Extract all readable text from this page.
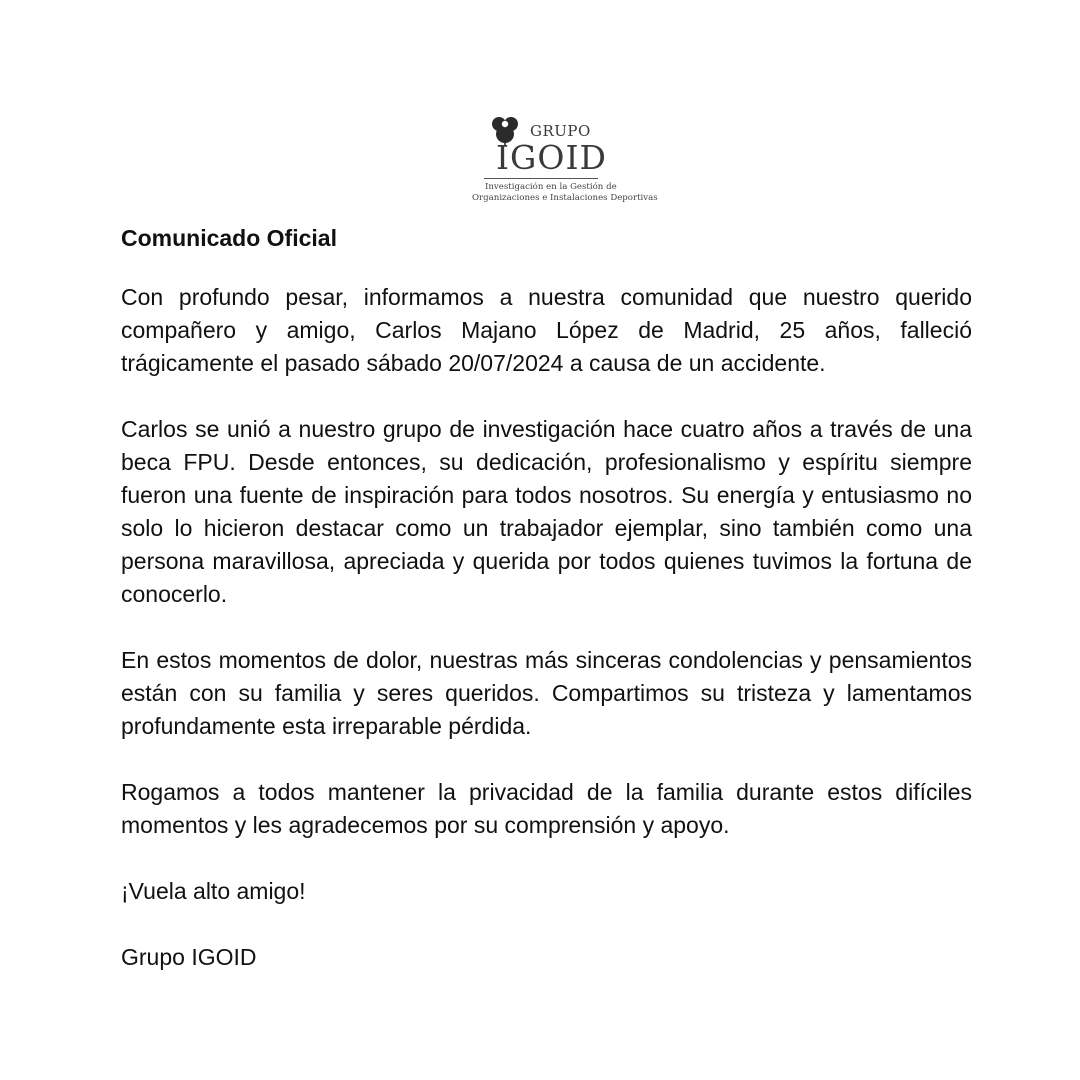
GRUPO
IGOID
Investigación en la Gestión de
Organizaciones e Instalaciones Deportivas
Comunicado Oficial

Con profundo pesar, informamos a nuestra comunidad que nuestro querido compañero y amigo, Carlos Majano López de Madrid, 25 años, falleció trágicamente el pasado sábado 20/07/2024 a causa de un accidente.

Carlos se unió a nuestro grupo de investigación hace cuatro años a través de una beca FPU. Desde entonces, su dedicación, profesionalismo y espíritu siempre fueron una fuente de inspiración para todos nosotros. Su energía y entusiasmo no solo lo hicieron destacar como un trabajador ejemplar, sino también como una persona maravillosa, apreciada y querida por todos quienes tuvimos la fortuna de conocerlo.

En estos momentos de dolor, nuestras más sinceras condolencias y pensamientos están con su familia y seres queridos. Compartimos su tristeza y lamentamos profundamente esta irreparable pérdida.

Rogamos a todos mantener la privacidad de la familia durante estos difíciles momentos y les agradecemos por su comprensión y apoyo.

¡Vuela alto amigo!

Grupo IGOID
